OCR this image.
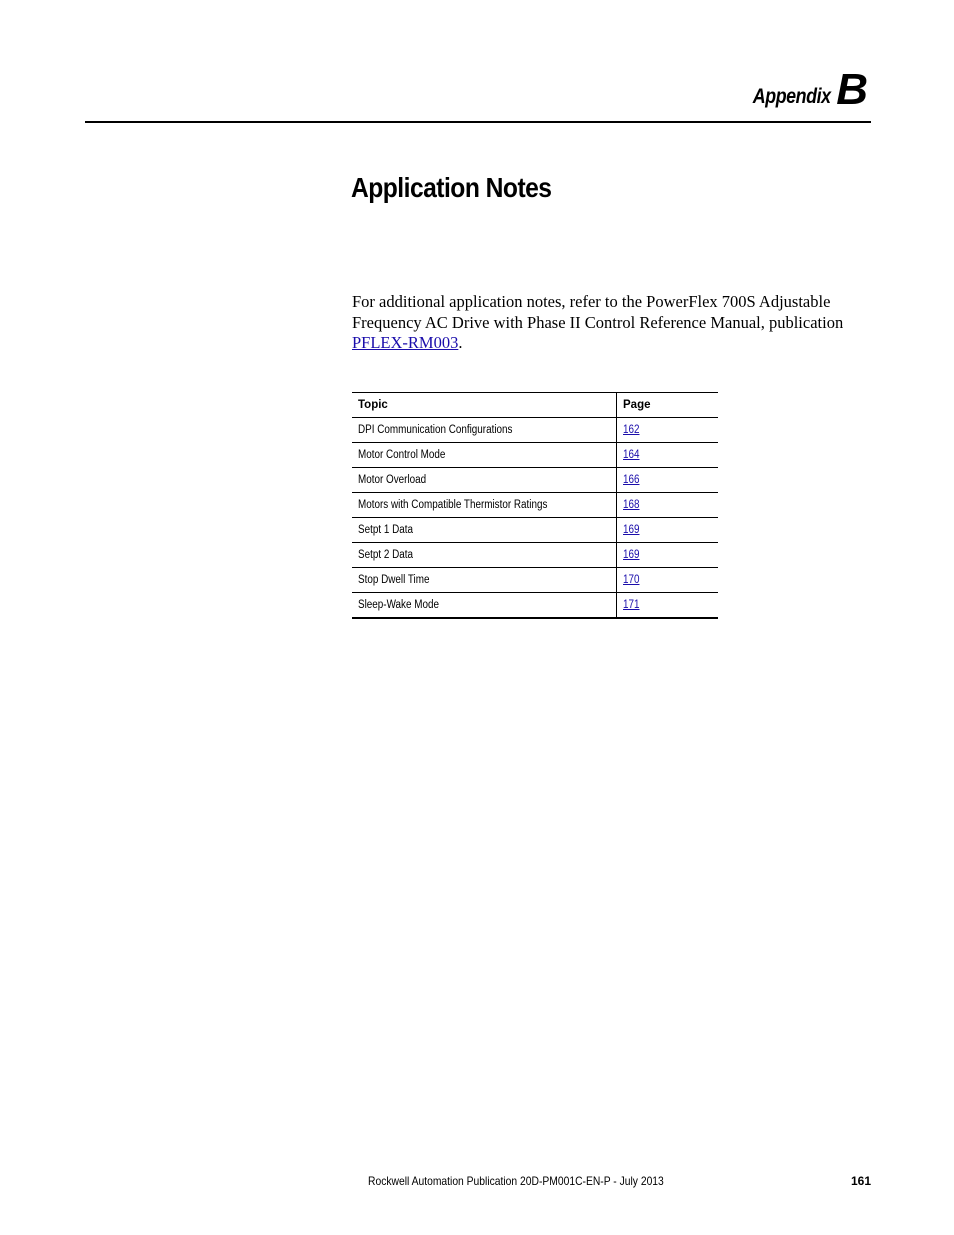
Appendix B
Application Notes

For additional application notes, refer to the PowerFlex 700S Adjustable Frequency AC Drive with Phase II Control Reference Manual, publication PFLEX-RM003.

Topic	Page
DPI Communication Configurations	162
Motor Control Mode	164
Motor Overload	166
Motors with Compatible Thermistor Ratings	168
Setpt 1 Data	169
Setpt 2 Data	169
Stop Dwell Time	170
Sleep-Wake Mode	171
Rockwell Automation Publication 20D-PM001C-EN-P - July 2013	161
